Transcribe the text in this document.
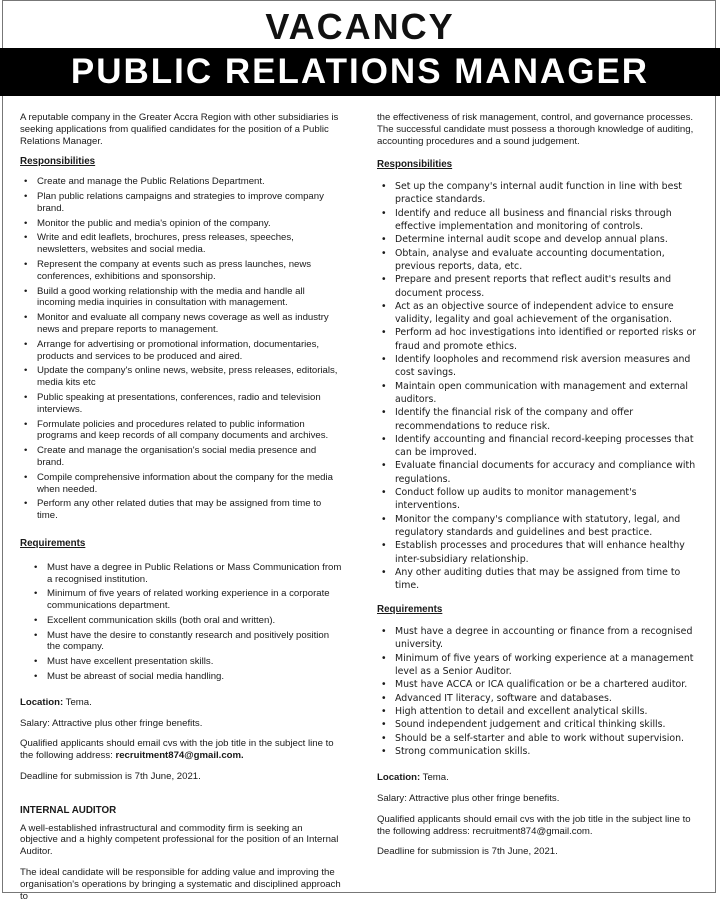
VACANCY
PUBLIC RELATIONS MANAGER

A reputable company in the Greater Accra Region with other subsidiaries is seeking applications from qualified candidates for the position of a Public Relations Manager.

Responsibilities
• Create and manage the Public Relations Department.
• Plan public relations campaigns and strategies to improve company brand.
• Monitor the public and media's opinion of the company.
• Write and edit leaflets, brochures, press releases, speeches, newsletters, websites and social media.
• Represent the company at events such as press launches, news conferences, exhibitions and sponsorship.
• Build a good working relationship with the media and handle all incoming media inquiries in consultation with management.
• Monitor and evaluate all company news coverage as well as industry news and prepare reports to management.
• Arrange for advertising or promotional information, documentaries, products and services to be produced and aired.
• Update the company's online news, website, press releases, editorials, media kits etc
• Public speaking at presentations, conferences, radio and television interviews.
• Formulate policies and procedures related to public information programs and keep records of all company documents and archives.
• Create and manage the organisation's social media presence and brand.
• Compile comprehensive information about the company for the media when needed.
• Perform any other related duties that may be assigned from time to time.
Requirements
• Must have a degree in Public Relations or Mass Communication from a recognised institution.
• Minimum of five years of related working experience in a corporate communications department.
• Excellent communication skills (both oral and written).
• Must have the desire to constantly research and positively position the company.
• Must have excellent presentation skills.
• Must be abreast of social media handling.

Location: Tema.

Salary: Attractive plus other fringe benefits.

Qualified applicants should email cvs with the job title in the subject line to the following address: recruitment874@gmail.com.

Deadline for submission is 7th June, 2021.

INTERNAL AUDITOR

A well-established infrastructural and commodity firm is seeking an objective and a highly competent professional for the position of an Internal Auditor.

The ideal candidate will be responsible for adding value and improving the organisation's operations by bringing a systematic and disciplined approach to

the effectiveness of risk management, control, and governance processes. The successful candidate must possess a thorough knowledge of auditing, accounting procedures and a sound judgement.

Responsibilities
• Set up the company's internal audit function in line with best practice standards.
• Identify and reduce all business and financial risks through effective implementation and monitoring of controls.
• Determine internal audit scope and develop annual plans.
• Obtain, analyse and evaluate accounting documentation, previous reports, data, etc.
• Prepare and present reports that reflect audit's results and document process.
• Act as an objective source of independent advice to ensure validity, legality and goal achievement of the organisation.
• Perform ad hoc investigations into identified or reported risks or fraud and promote ethics.
• Identify loopholes and recommend risk aversion measures and cost savings.
• Maintain open communication with management and external auditors.
• Identify the financial risk of the company and offer recommendations to reduce risk.
• Identify accounting and financial record-keeping processes that can be improved.
• Evaluate financial documents for accuracy and compliance with regulations.
• Conduct follow up audits to monitor management's interventions.
• Monitor the company's compliance with statutory, legal, and regulatory standards and guidelines and best practice.
• Establish processes and procedures that will enhance healthy inter-subsidiary relationship.
• Any other auditing duties that may be assigned from time to time.
Requirements
• Must have a degree in accounting or finance from a recognised university.
• Minimum of five years of working experience at a management level as a Senior Auditor.
• Must have ACCA or ICA qualification or be a chartered auditor.
• Advanced IT literacy, software and databases.
• High attention to detail and excellent analytical skills.
• Sound independent judgement and critical thinking skills.
• Should be a self-starter and able to work without supervision.
• Strong communication skills.

Location: Tema.

Salary: Attractive plus other fringe benefits.

Qualified applicants should email cvs with the job title in the subject line to the following address: recruitment874@gmail.com.

Deadline for submission is 7th June, 2021.
